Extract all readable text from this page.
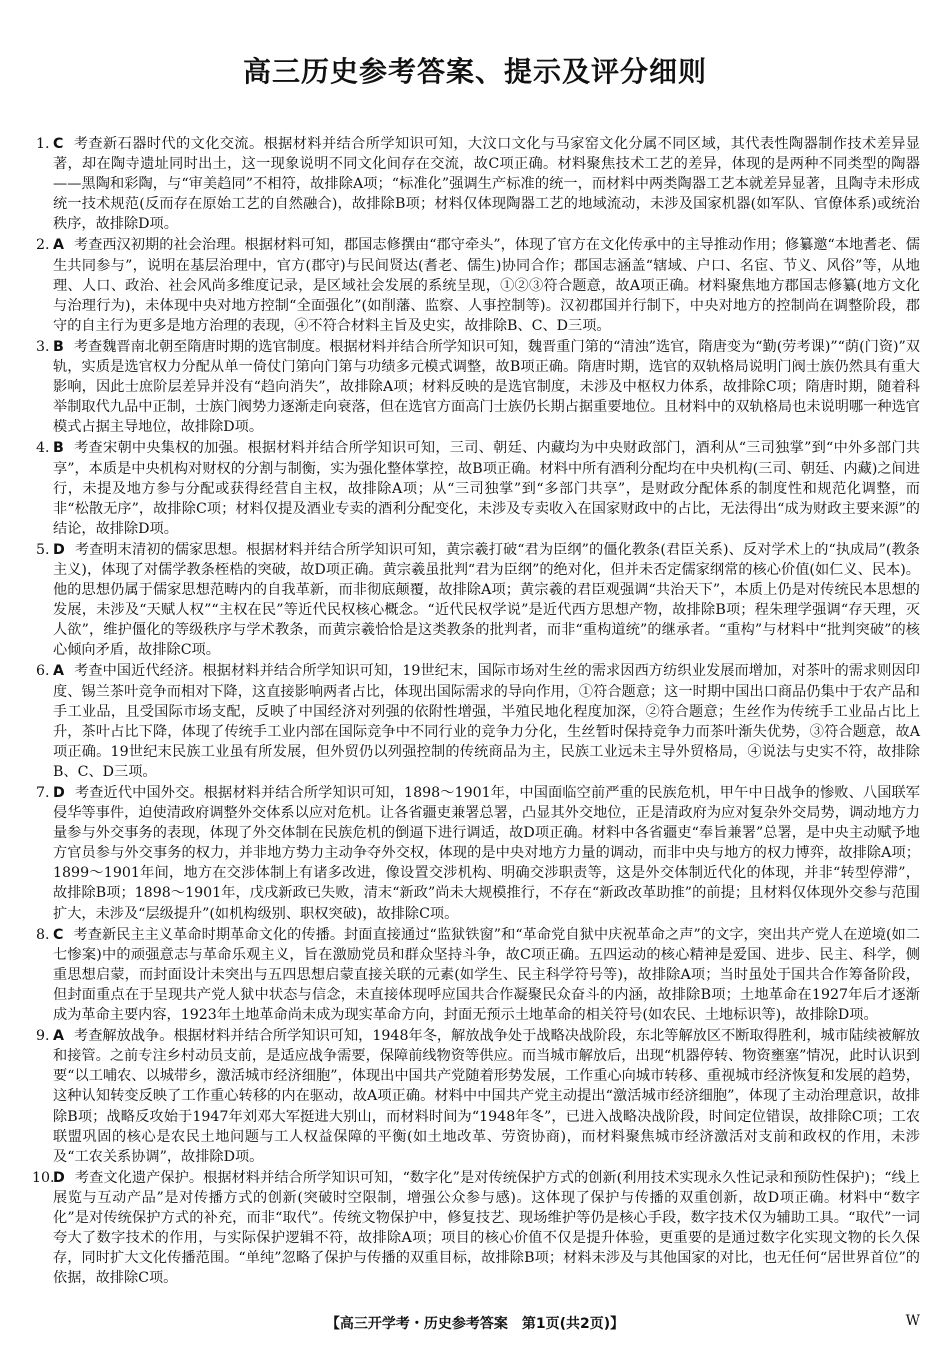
高三历史参考答案、提示及评分细则

1. C 考查新石器时代的文化交流。根据材料并结合所学知识可知，大汶口文化与马家窑文化分属不同区域，其代表性陶器制作技术差异显著，却在陶寺遗址同时出土，这一现象说明不同文化间存在交流，故C项正确。材料聚焦技术工艺的差异，体现的是两种不同类型的陶器——黑陶和彩陶，与“审美趋同”不相符，故排除A项；“标准化”强调生产标准的统一，而材料中两类陶器工艺本就差异显著，且陶寺未形成统一技术规范(反而存在原始工艺的自然融合)，故排除B项；材料仅体现陶器工艺的地域流动，未涉及国家机器(如军队、官僚体系)或统治秩序，故排除D项。

2. A 考查西汉初期的社会治理。根据材料可知，郡国志修撰由“郡守牵头”，体现了官方在文化传承中的主导推动作用；修纂邀“本地耆老、儒生共同参与”，说明在基层治理中，官方(郡守)与民间贤达(耆老、儒生)协同合作；郡国志涵盖“辖域、户口、名宦、节义、风俗”等，从地理、人口、政治、社会风尚多维度记录，是区域社会发展的系统呈现，①②③符合题意，故A项正确。材料聚焦地方郡国志修纂(地方文化与治理行为)，未体现中央对地方控制“全面强化”(如削藩、监察、人事控制等)。汉初郡国并行制下，中央对地方的控制尚在调整阶段，郡守的自主行为更多是地方治理的表现，④不符合材料主旨及史实，故排除B、C、D三项。

3. B 考查魏晋南北朝至隋唐时期的选官制度。根据材料并结合所学知识可知，魏晋重门第的“清浊”选官，隋唐变为“勤(劳考课)”“荫(门资)”双轨，实质是选官权力分配从单一倚仗门第向门第与功绩多元模式调整，故B项正确。隋唐时期，选官的双轨格局说明门阀士族仍然具有重大影响，因此士庶阶层差异并没有“趋向消失”，故排除A项；材料反映的是选官制度，未涉及中枢权力体系，故排除C项；隋唐时期，随着科举制取代九品中正制，士族门阀势力逐渐走向衰落，但在选官方面高门士族仍长期占据重要地位。且材料中的双轨格局也未说明哪一种选官模式占据主导地位，故排除D项。

4. B 考查宋朝中央集权的加强。根据材料并结合所学知识可知，三司、朝廷、内藏均为中央财政部门，酒利从“三司独掌”到“中外多部门共享”，本质是中央机构对财权的分割与制衡，实为强化整体掌控，故B项正确。材料中所有酒利分配均在中央机构(三司、朝廷、内藏)之间进行，未提及地方参与分配或获得经营自主权，故排除A项；从“三司独掌”到“多部门共享”，是财政分配体系的制度性和规范化调整，而非“松散无序”，故排除C项；材料仅提及酒业专卖的酒利分配变化，未涉及专卖收入在国家财政中的占比，无法得出“成为财政主要来源”的结论，故排除D项。

5. D 考查明末清初的儒家思想。根据材料并结合所学知识可知，黄宗羲打破“君为臣纲”的僵化教条(君臣关系)、反对学术上的“执成局”(教条主义)，体现了对儒学教条桎梏的突破，故D项正确。黄宗羲虽批判“君为臣纲”的绝对化，但并未否定儒家纲常的核心价值(如仁义、民本)。他的思想仍属于儒家思想范畴内的自我革新，而非彻底颠覆，故排除A项；黄宗羲的君臣观强调“共治天下”，本质上仍是对传统民本思想的发展，未涉及“天赋人权”“主权在民”等近代民权核心概念。“近代民权学说”是近代西方思想产物，故排除B项；程朱理学强调“存天理，灭人欲”，维护僵化的等级秩序与学术教条，而黄宗羲恰恰是这类教条的批判者，而非“重构道统”的继承者。“重构”与材料中“批判突破”的核心倾向矛盾，故排除C项。

6. A 考查中国近代经济。根据材料并结合所学知识可知，19世纪末，国际市场对生丝的需求因西方纺织业发展而增加，对茶叶的需求则因印度、锡兰茶叶竞争而相对下降，这直接影响两者占比，体现出国际需求的导向作用，①符合题意；这一时期中国出口商品仍集中于农产品和手工业品，且受国际市场支配，反映了中国经济对列强的依附性增强，半殖民地化程度加深，②符合题意；生丝作为传统手工业品占比上升，茶叶占比下降，体现了传统手工业内部在国际竞争中不同行业的竞争力分化，生丝暂时保持竞争力而茶叶渐失优势，③符合题意，故A项正确。19世纪末民族工业虽有所发展，但外贸仍以列强控制的传统商品为主，民族工业远未主导外贸格局，④说法与史实不符，故排除B、C、D三项。

7. D 考查近代中国外交。根据材料并结合所学知识可知，1898～1901年，中国面临空前严重的民族危机，甲午中日战争的惨败、八国联军侵华等事件，迫使清政府调整外交体系以应对危机。让各省疆吏兼署总署，凸显其外交地位，正是清政府为应对复杂外交局势，调动地方力量参与外交事务的表现，体现了外交体制在民族危机的倒逼下进行调适，故D项正确。材料中各省疆吏“奉旨兼署”总署，是中央主动赋予地方官员参与外交事务的权力，并非地方势力主动争夺外交权，体现的是中央对地方力量的调动，而非中央与地方的权力博弈，故排除A项；1899～1901年间，地方在交涉体制上有诸多改进，像设置交涉机构、明确交涉职责等，这是外交体制近代化的体现，并非“转型停滞”，故排除B项；1898～1901年，戊戌新政已失败，清末“新政”尚未大规模推行，不存在“新政改革助推”的前提；且材料仅体现外交参与范围扩大，未涉及“层级提升”(如机构级别、职权突破)，故排除C项。

8. C 考查新民主主义革命时期革命文化的传播。封面直接通过“监狱铁窗”和“革命党自狱中庆祝革命之声”的文字，突出共产党人在逆境(如二七惨案)中的顽强意志与革命乐观主义，旨在激励党员和群众坚持斗争，故C项正确。五四运动的核心精神是爱国、进步、民主、科学，侧重思想启蒙，而封面设计未突出与五四思想启蒙直接关联的元素(如学生、民主科学符号等)，故排除A项；当时虽处于国共合作筹备阶段，但封面重点在于呈现共产党人狱中状态与信念，未直接体现呼应国共合作凝聚民众奋斗的内涵，故排除B项；土地革命在1927年后才逐渐成为革命主要内容，1923年土地革命尚未成为现实革命方向，封面无预示土地革命的相关符号(如农民、土地标识等)，故排除D项。

9. A 考查解放战争。根据材料并结合所学知识可知，1948年冬，解放战争处于战略决战阶段，东北等解放区不断取得胜利，城市陆续被解放和接管。之前专注乡村动员支前，是适应战争需要，保障前线物资等供应。而当城市解放后，出现“机器停转、物资壅塞”情况，此时认识到要“以工哺农、以城带乡，激活城市经济细胞”，体现出中国共产党随着形势发展，工作重心向城市转移、重视城市经济恢复和发展的趋势，这种认知转变反映了工作重心转移的内在驱动，故A项正确。材料中中国共产党主动提出“激活城市经济细胞”，体现了主动治理意识，故排除B项；战略反攻始于1947年刘邓大军挺进大别山，而材料时间为“1948年冬”，已进入战略决战阶段，时间定位错误，故排除C项；工农联盟巩固的核心是农民土地问题与工人权益保障的平衡(如土地改革、劳资协商)，而材料聚焦城市经济激活对支前和政权的作用，未涉及“工农关系协调”，故排除D项。

10.
D 考查文化遗产保护。根据材料并结合所学知识可知，“数字化”是对传统保护方式的创新(利用技术实现永久性记录和预防性保护)；“线上展览与互动产品”是对传播方式的创新(突破时空限制，增强公众参与感)。这体现了保护与传播的双重创新，故D项正确。材料中“数字化”是对传统保护方式的补充，而非“取代”。传统文物保护中，修复技艺、现场维护等仍是核心手段，数字技术仅为辅助工具。“取代”一词夸大了数字技术的作用，与实际保护逻辑不符，故排除A项；项目的核心价值不仅是提升体验，更重要的是通过数字化实现文物的长久保存，同时扩大文化传播范围。“单纯”忽略了保护与传播的双重目标，故排除B项；材料未涉及与其他国家的对比，也无任何“居世界首位”的依据，故排除C项。

【高三开学考・历史参考答案　第1页(共2页)】	W
